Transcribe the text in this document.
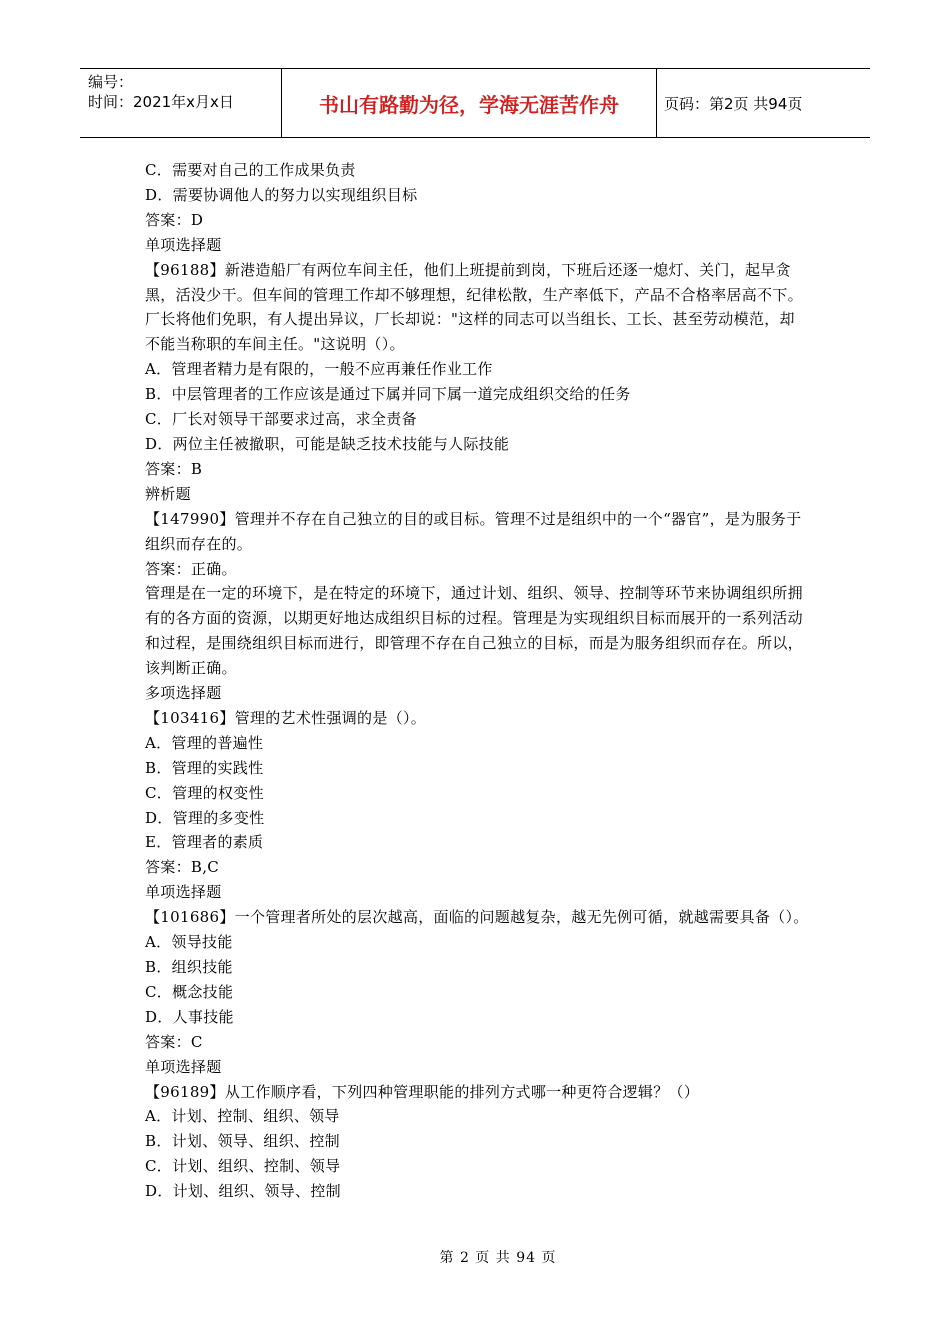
编号：
时间：2021年x月x日	书山有路勤为径，学海无涯苦作舟	页码：第2页 共94页

C．需要对自己的工作成果负责

D．需要协调他人的努力以实现组织目标

答案：D

单项选择题

【96188】新港造船厂有两位车间主任，他们上班提前到岗，下班后还逐一熄灯、关门，起早贪黑，活没少干。但车间的管理工作却不够理想，纪律松散，生产率低下，产品不合格率居高不下。厂长将他们免职，有人提出异议，厂长却说："这样的同志可以当组长、工长、甚至劳动模范，却不能当称职的车间主任。"这说明（）。

A．管理者精力是有限的，一般不应再兼任作业工作

B．中层管理者的工作应该是通过下属并同下属一道完成组织交给的任务

C．厂长对领导干部要求过高，求全责备

D．两位主任被撤职，可能是缺乏技术技能与人际技能

答案：B

辨析题

【147990】管理并不存在自己独立的目的或目标。管理不过是组织中的一个“器官”，是为服务于组织而存在的。

答案：正确。

管理是在一定的环境下，是在特定的环境下，通过计划、组织、领导、控制等环节来协调组织所拥有的各方面的资源，以期更好地达成组织目标的过程。管理是为实现组织目标而展开的一系列活动和过程，是围绕组织目标而进行，即管理不存在自己独立的目标，而是为服务组织而存在。所以，该判断正确。

多项选择题

【103416】管理的艺术性强调的是（）。

A．管理的普遍性

B．管理的实践性

C．管理的权变性

D．管理的多变性

E．管理者的素质

答案：B,C

单项选择题

【101686】一个管理者所处的层次越高，面临的问题越复杂，越无先例可循，就越需要具备（）。

A．领导技能

B．组织技能

C．概念技能

D．人事技能

答案：C

单项选择题

【96189】从工作顺序看，下列四种管理职能的排列方式哪一种更符合逻辑？（）

A．计划、控制、组织、领导

B．计划、领导、组织、控制

C．计划、组织、控制、领导

D．计划、组织、领导、控制

第 2 页 共 94 页
